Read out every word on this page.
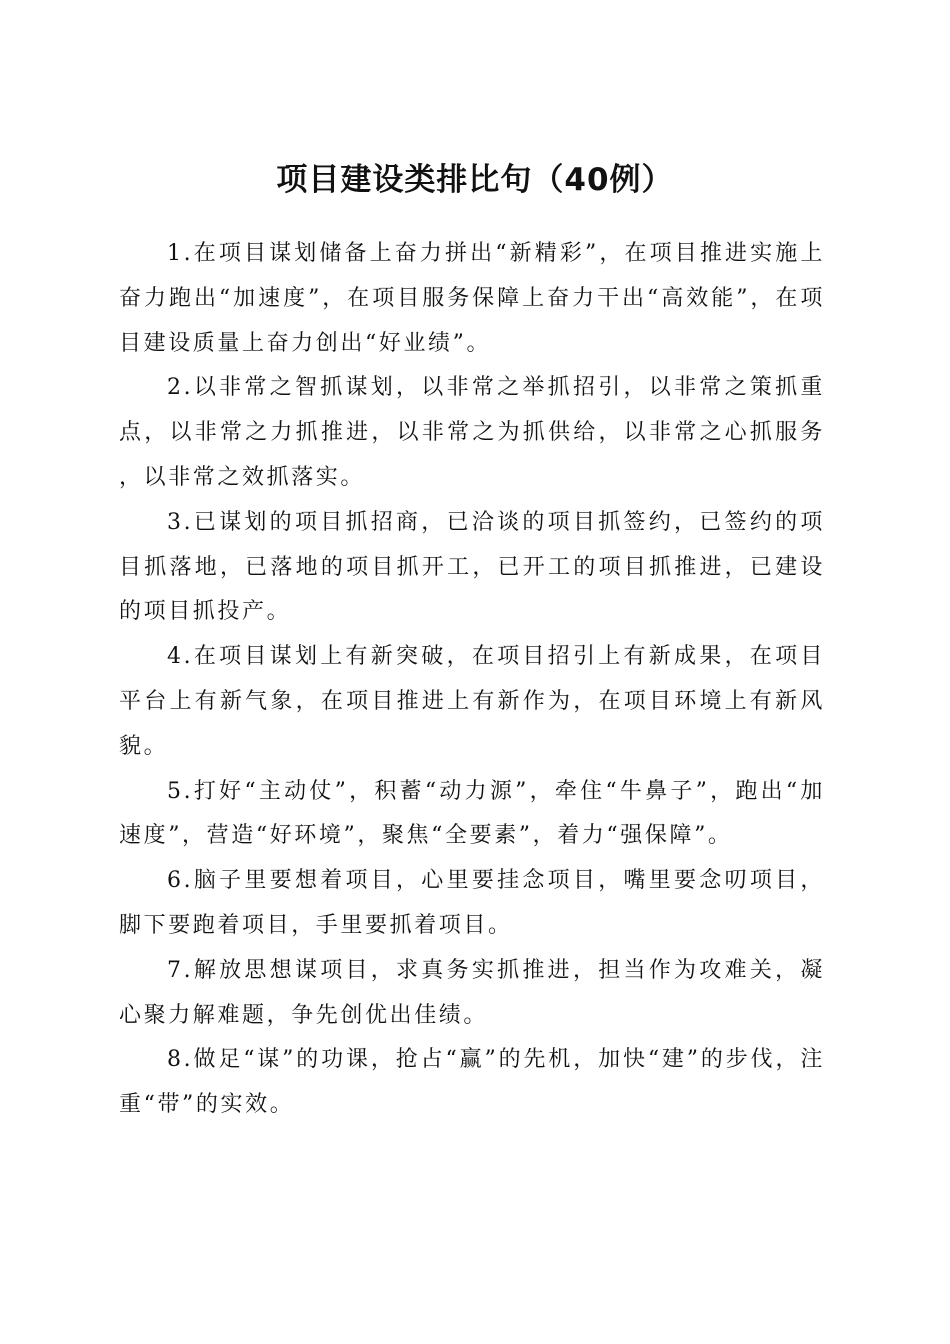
项目建设类排比句（40例）

1.在项目谋划储备上奋力拼出“新精彩”，在项目推进实施上奋力跑出“加速度”，在项目服务保障上奋力干出“高效能”，在项目建设质量上奋力创出“好业绩”。

2.以非常之智抓谋划，以非常之举抓招引，以非常之策抓重点，以非常之力抓推进，以非常之为抓供给，以非常之心抓服务，以非常之效抓落实。

3.已谋划的项目抓招商，已洽谈的项目抓签约，已签约的项目抓落地，已落地的项目抓开工，已开工的项目抓推进，已建设的项目抓投产。

4.在项目谋划上有新突破，在项目招引上有新成果，在项目平台上有新气象，在项目推进上有新作为，在项目环境上有新风貌。

5.打好“主动仗”，积蓄“动力源”，牵住“牛鼻子”，跑出“加速度”，营造“好环境”，聚焦“全要素”，着力“强保障”。

6.脑子里要想着项目，心里要挂念项目，嘴里要念叨项目，脚下要跑着项目，手里要抓着项目。

7.解放思想谋项目，求真务实抓推进，担当作为攻难关，凝心聚力解难题，争先创优出佳绩。

8.做足“谋”的功课，抢占“赢”的先机，加快“建”的步伐，注重“带”的实效。
